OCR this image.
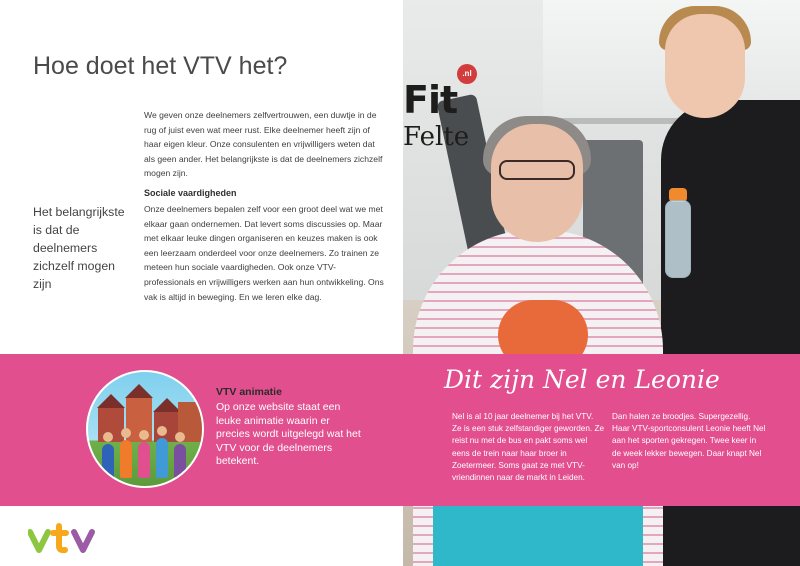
Fit
.nl
Felte
Hoe doet het VTV het?

Het belangrijkste is dat de deelnemers zichzelf mogen zijn

We geven onze deelnemers zelfvertrouwen, een duwtje in de rug of juist even wat meer rust. Elke deelnemer heeft zijn of haar eigen kleur. Onze consulenten en vrijwilligers weten dat als geen ander. Het belangrijkste is dat de deelnemers zichzelf mogen zijn.

Sociale vaardigheden

Onze deelnemers bepalen zelf voor een groot deel wat we met elkaar gaan ondernemen. Dat levert soms discussies op. Maar met elkaar leuke dingen organiseren en keuzes maken is ook een leerzaam onderdeel voor onze deelnemers. Zo trainen ze meteen hun sociale vaardigheden. Ook onze VTV-professionals en vrijwilligers werken aan hun ontwikkeling. Ons vak is altijd in beweging. En we leren elke dag.

VTV animatie

Op onze website staat een leuke animatie waarin er precies wordt uitgelegd wat het VTV voor de deelnemers betekent.

Dit zijn Nel en Leonie

Nel is al 10 jaar deelnemer bij het VTV. Ze is een stuk zelfstandiger geworden. Ze reist nu met de bus en pakt soms wel eens de trein naar haar broer in Zoetermeer. Soms gaat ze met VTV-vriendinnen naar de markt in Leiden.

Dan halen ze broodjes. Supergezellig. Haar VTV-sportconsulent Leonie heeft Nel aan het sporten gekregen. Twee keer in de week lekker bewegen. Daar knapt Nel van op!
